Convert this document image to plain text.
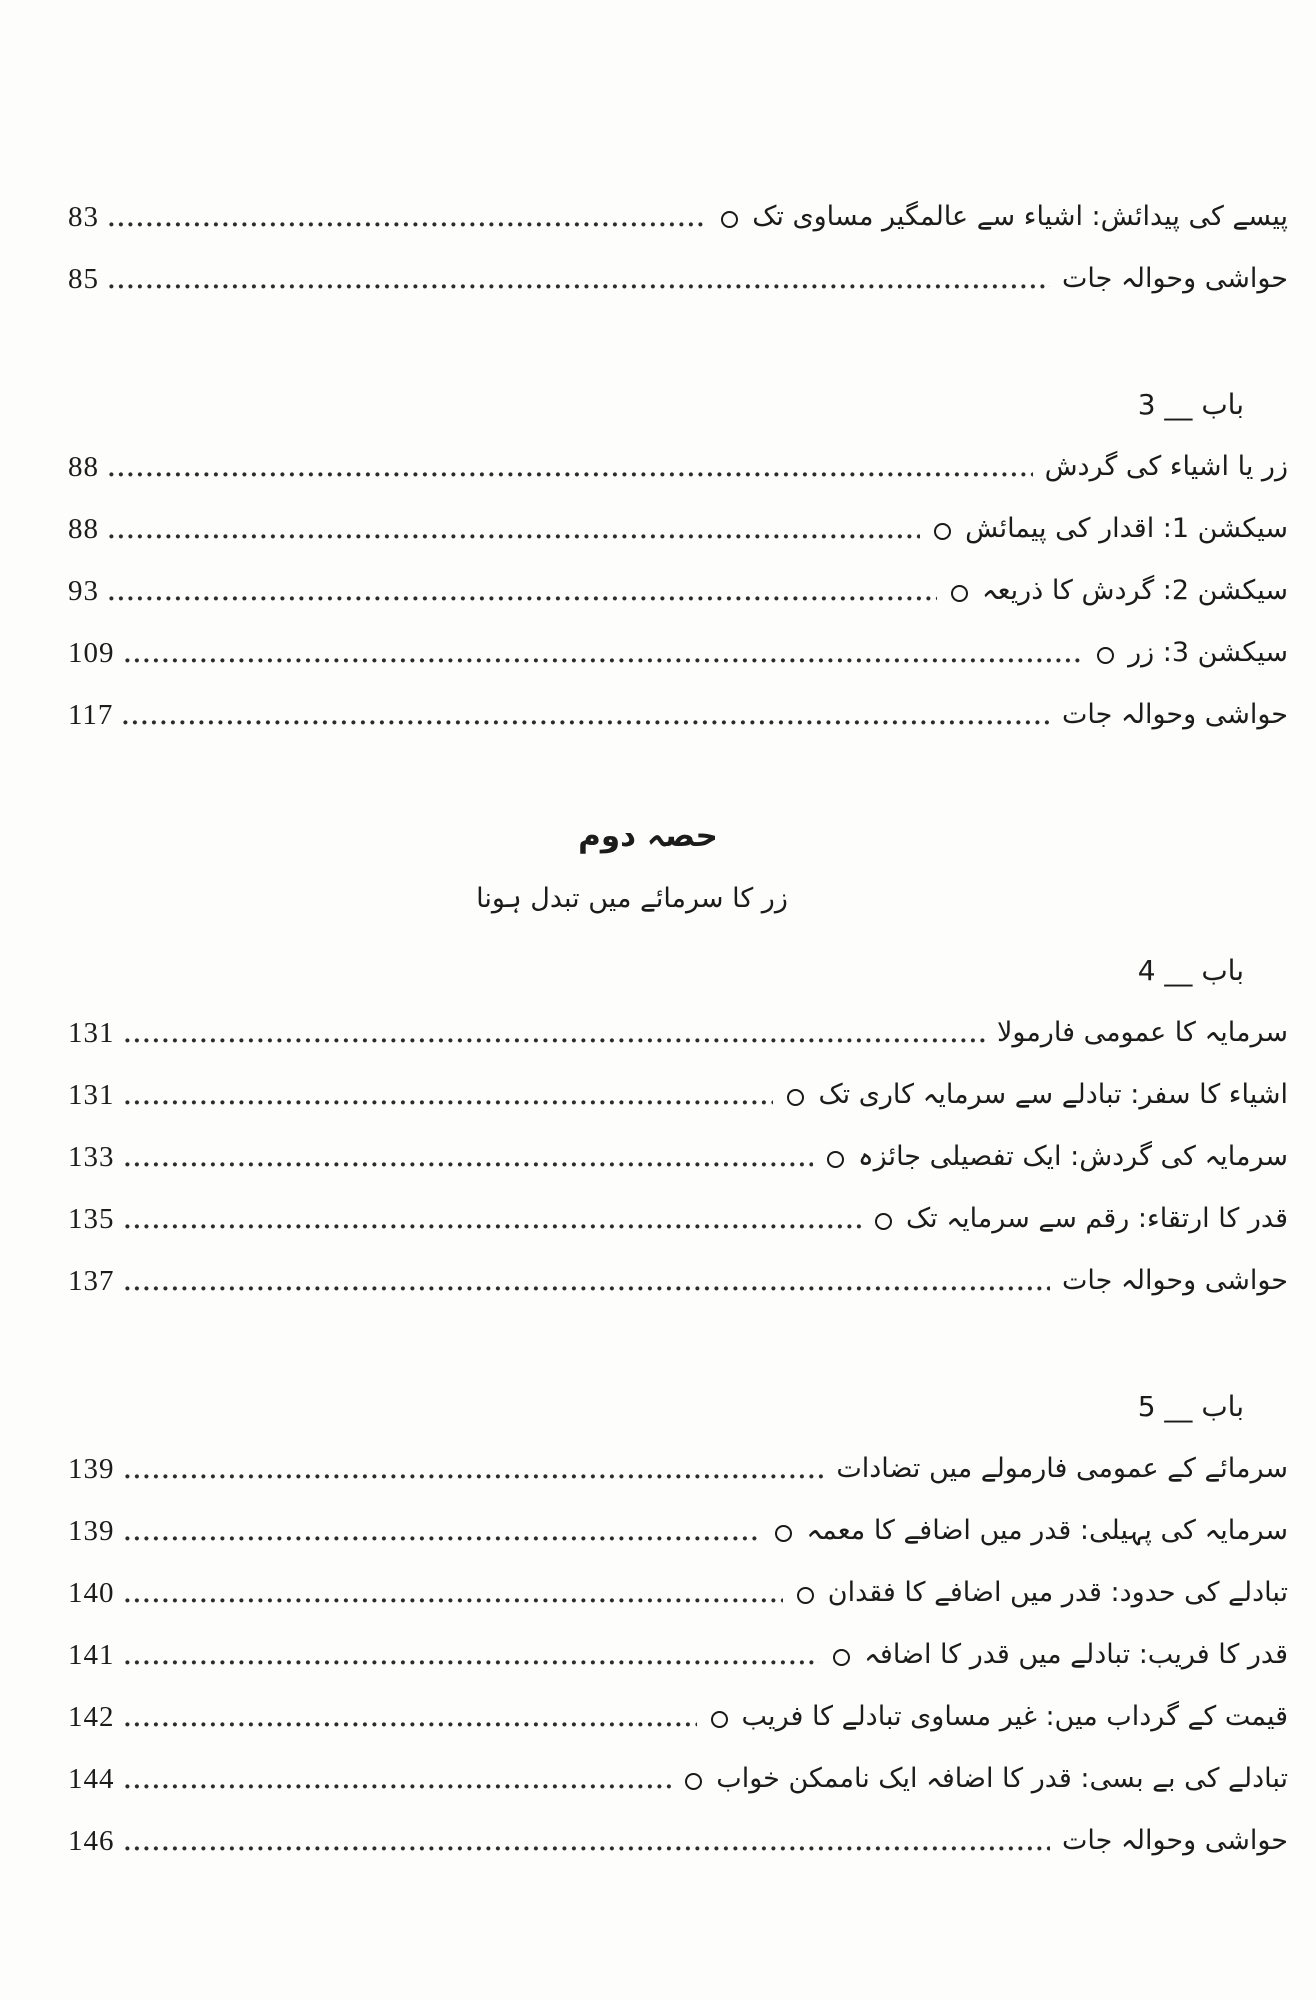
83	پیسے کی پیدائش: اشیاء سے عالمگیر مساوی تک
85	حواشی وحوالہ جات
باب __ 3
88	زر یا اشیاء کی گردش
88	سیکشن 1: اقدار کی پیمائش
93	سیکشن 2: گردش کا ذریعہ
109	سیکشن 3: زر
117	حواشی وحوالہ جات
حصہ دوم
زر کا سرمائے میں تبدل ہونا
باب __ 4
131	سرمایہ کا عمومی فارمولا
131	اشیاء کا سفر: تبادلے سے سرمایہ کاری تک
133	سرمایہ کی گردش: ایک تفصیلی جائزہ
135	قدر کا ارتقاء: رقم سے سرمایہ تک
137	حواشی وحوالہ جات
باب __ 5
139	سرمائے کے عمومی فارمولے میں تضادات
139	سرمایہ کی پہیلی: قدر میں اضافے کا معمہ
140	تبادلے کی حدود: قدر میں اضافے کا فقدان
141	قدر کا فریب: تبادلے میں قدر کا اضافہ
142	قیمت کے گرداب میں: غیر مساوی تبادلے کا فریب
144	تبادلے کی بے بسی: قدر کا اضافہ ایک ناممکن خواب
146	حواشی وحوالہ جات
